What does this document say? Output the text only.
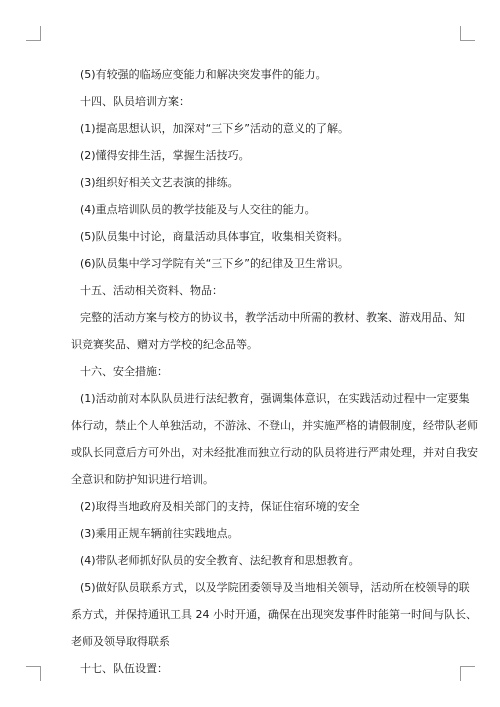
(5)有较强的临场应变能力和解决突发事件的能力。

十四、队员培训方案：

(1)提高思想认识，加深对“三下乡”活动的意义的了解。

(2)懂得安排生活，掌握生活技巧。

(3)组织好相关文艺表演的排练。

(4)重点培训队员的教学技能及与人交往的能力。

(5)队员集中讨论，商量活动具体事宜，收集相关资料。

(6)队员集中学习学院有关“三下乡”的纪律及卫生常识。

十五、活动相关资料、物品：

完整的活动方案与校方的协议书，教学活动中所需的教材、教案、游戏用品、知

识竞赛奖品、赠对方学校的纪念品等。

十六、安全措施：

(1)活动前对本队队员进行法纪教育，强调集体意识，在实践活动过程中一定要集

体行动，禁止个人单独活动，不游泳、不登山，并实施严格的请假制度，经带队老师

或队长同意后方可外出，对未经批准而独立行动的队员将进行严肃处理，并对自我安

全意识和防护知识进行培训。

(2)取得当地政府及相关部门的支持，保证住宿环境的安全

(3)乘用正规车辆前往实践地点。

(4)带队老师抓好队员的安全教育、法纪教育和思想教育。

(5)做好队员联系方式，以及学院团委领导及当地相关领导，活动所在校领导的联

系方式，并保持通讯工具 24 小时开通，确保在出现突发事件时能第一时间与队长、

老师及领导取得联系

十七、队伍设置：
